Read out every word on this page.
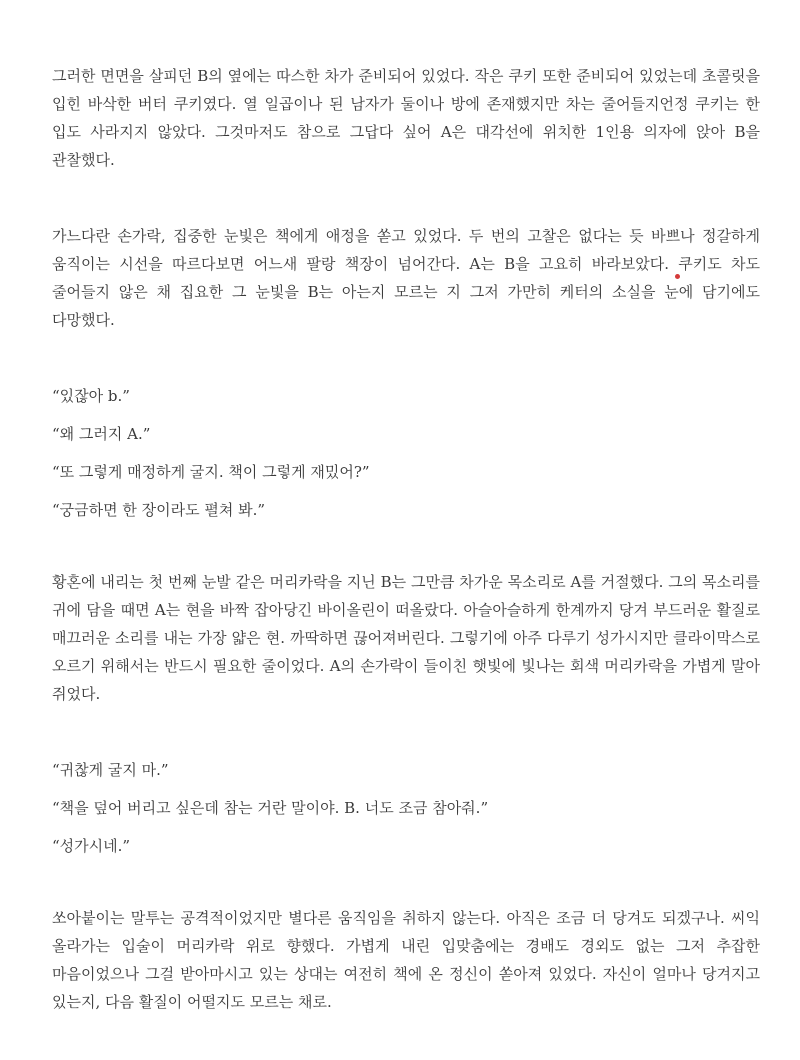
그러한 면면을 살피던 B의 옆에는 따스한 차가 준비되어 있었다. 작은 쿠키 또한 준비되어 있었는데 초콜릿을 입힌 바삭한 버터 쿠키였다. 열 일곱이나 된 남자가 둘이나 방에 존재했지만 차는 줄어들지언정 쿠키는 한 입도 사라지지 않았다. 그것마저도 참으로 그답다 싶어 A은 대각선에 위치한 1인용 의자에 앉아 B을 관찰했다.

가느다란 손가락, 집중한 눈빛은 책에게 애정을 쏟고 있었다. 두 번의 고찰은 없다는 듯 바쁘나 정갈하게 움직이는 시선을 따르다보면 어느새 팔랑 책장이 넘어간다. A는 B을 고요히 바라보았다. 쿠키도 차도 줄어들지 않은 채 집요한 그 눈빛을 B는 아는지 모르는 지 그저 가만히 케터의 소실을 눈에 담기에도 다망했다.

“있잖아 b.”

“왜 그러지 A.”

“또 그렇게 매정하게 굴지. 책이 그렇게 재밌어?”

“궁금하면 한 장이라도 펼쳐 봐.”

황혼에 내리는 첫 번째 눈발 같은 머리카락을 지닌 B는 그만큼 차가운 목소리로 A를 거절했다. 그의 목소리를 귀에 담을 때면 A는 현을 바짝 잡아당긴 바이올린이 떠올랐다. 아슬아슬하게 한계까지 당겨 부드러운 활질로 매끄러운 소리를 내는 가장 얇은 현. 까딱하면 끊어져버린다. 그렇기에 아주 다루기 성가시지만 클라이막스로 오르기 위해서는 반드시 필요한 줄이었다. A의 손가락이 들이친 햇빛에 빛나는 회색 머리카락을 가볍게 말아 쥐었다.

“귀찮게 굴지 마.”

“책을 덮어 버리고 싶은데 참는 거란 말이야. B. 너도 조금 참아줘.”

“성가시네.”

쏘아붙이는 말투는 공격적이었지만 별다른 움직임을 취하지 않는다. 아직은 조금 더 당겨도 되겠구나. 씨익 올라가는 입술이 머리카락 위로 향했다. 가볍게 내린 입맞춤에는 경배도 경외도 없는 그저 추잡한 마음이었으나 그걸 받아마시고 있는 상대는 여전히 책에 온 정신이 쏟아져 있었다. 자신이 얼마나 당겨지고 있는지, 다음 활질이 어떨지도 모르는 채로.
